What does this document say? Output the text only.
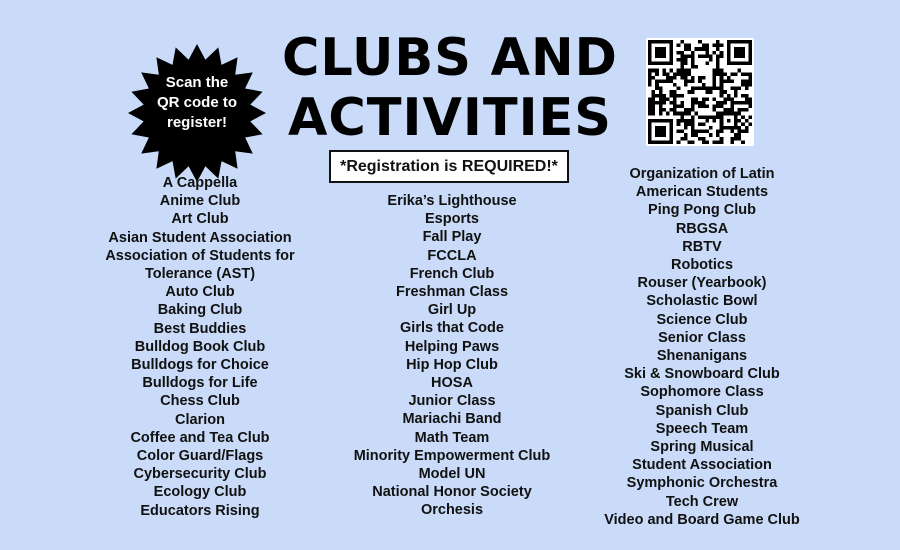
CLUBS AND
ACTIVITIES
*Registration is REQUIRED!*
Scan the
QR code to
register!
A Cappella
Anime Club
Art Club
Asian Student Association
Association of Students for
Tolerance (AST)
Auto Club
Baking Club
Best Buddies
Bulldog Book Club
Bulldogs for Choice
Bulldogs for Life
Chess Club
Clarion
Coffee and Tea Club
Color Guard/Flags
Cybersecurity Club
Ecology Club
Educators Rising
Erika’s Lighthouse
Esports
Fall Play
FCCLA
French Club
Freshman Class
Girl Up
Girls that Code
Helping Paws
Hip Hop Club
HOSA
Junior Class
Mariachi Band
Math Team
Minority Empowerment Club
Model UN
National Honor Society
Orchesis
Organization of Latin
American Students
Ping Pong Club
RBGSA
RBTV
Robotics
Rouser (Yearbook)
Scholastic Bowl
Science Club
Senior Class
Shenanigans
Ski & Snowboard Club
Sophomore Class
Spanish Club
Speech Team
Spring Musical
Student Association
Symphonic Orchestra
Tech Crew
Video and Board Game Club
